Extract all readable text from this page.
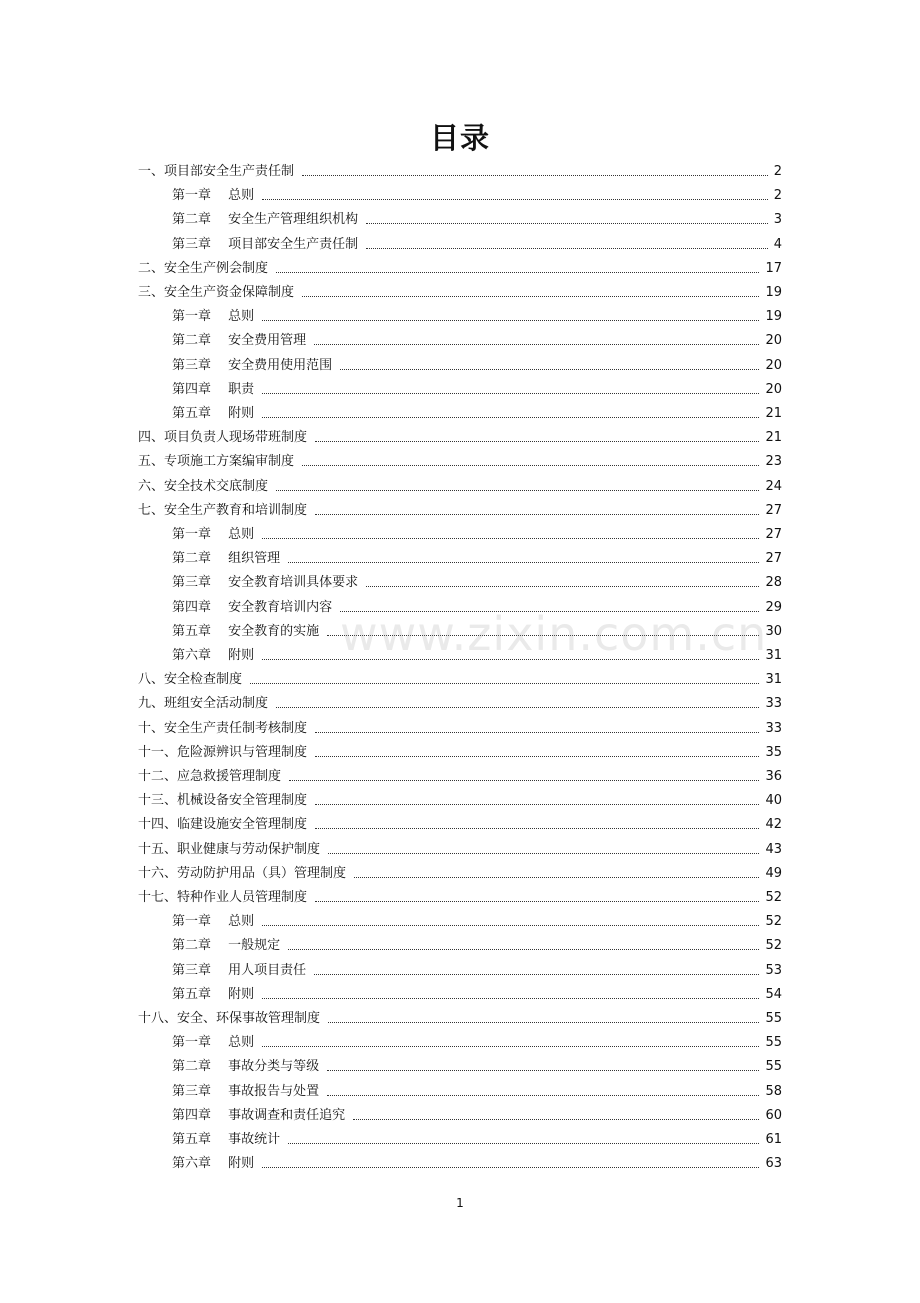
目录
一、项目部安全生产责任制	2
第一章　 总则	2
第二章　 安全生产管理组织机构	3
第三章　 项目部安全生产责任制	4
二、安全生产例会制度	17
三、安全生产资金保障制度	19
第一章　 总则	19
第二章　 安全费用管理	20
第三章　 安全费用使用范围	20
第四章　 职责	20
第五章　 附则	21
四、项目负责人现场带班制度	21
五、专项施工方案编审制度	23
六、安全技术交底制度	24
七、安全生产教育和培训制度	27
第一章　 总则	27
第二章　 组织管理	27
第三章　 安全教育培训具体要求	28
第四章　 安全教育培训内容	29
第五章　 安全教育的实施	30
第六章　 附则	31
八、安全检查制度	31
九、班组安全活动制度	33
十、安全生产责任制考核制度	33
十一、危险源辨识与管理制度	35
十二、应急救援管理制度	36
十三、机械设备安全管理制度	40
十四、临建设施安全管理制度	42
十五、职业健康与劳动保护制度	43
十六、劳动防护用品（具）管理制度	49
十七、特种作业人员管理制度	52
第一章　 总则	52
第二章　 一般规定	52
第三章　 用人项目责任	53
第五章　 附则	54
十八、安全、环保事故管理制度	55
第一章　 总则	55
第二章　 事故分类与等级	55
第三章　 事故报告与处置	58
第四章　 事故调查和责任追究	60
第五章　 事故统计	61
第六章　 附则	63
www.zixin.com.cn
1
